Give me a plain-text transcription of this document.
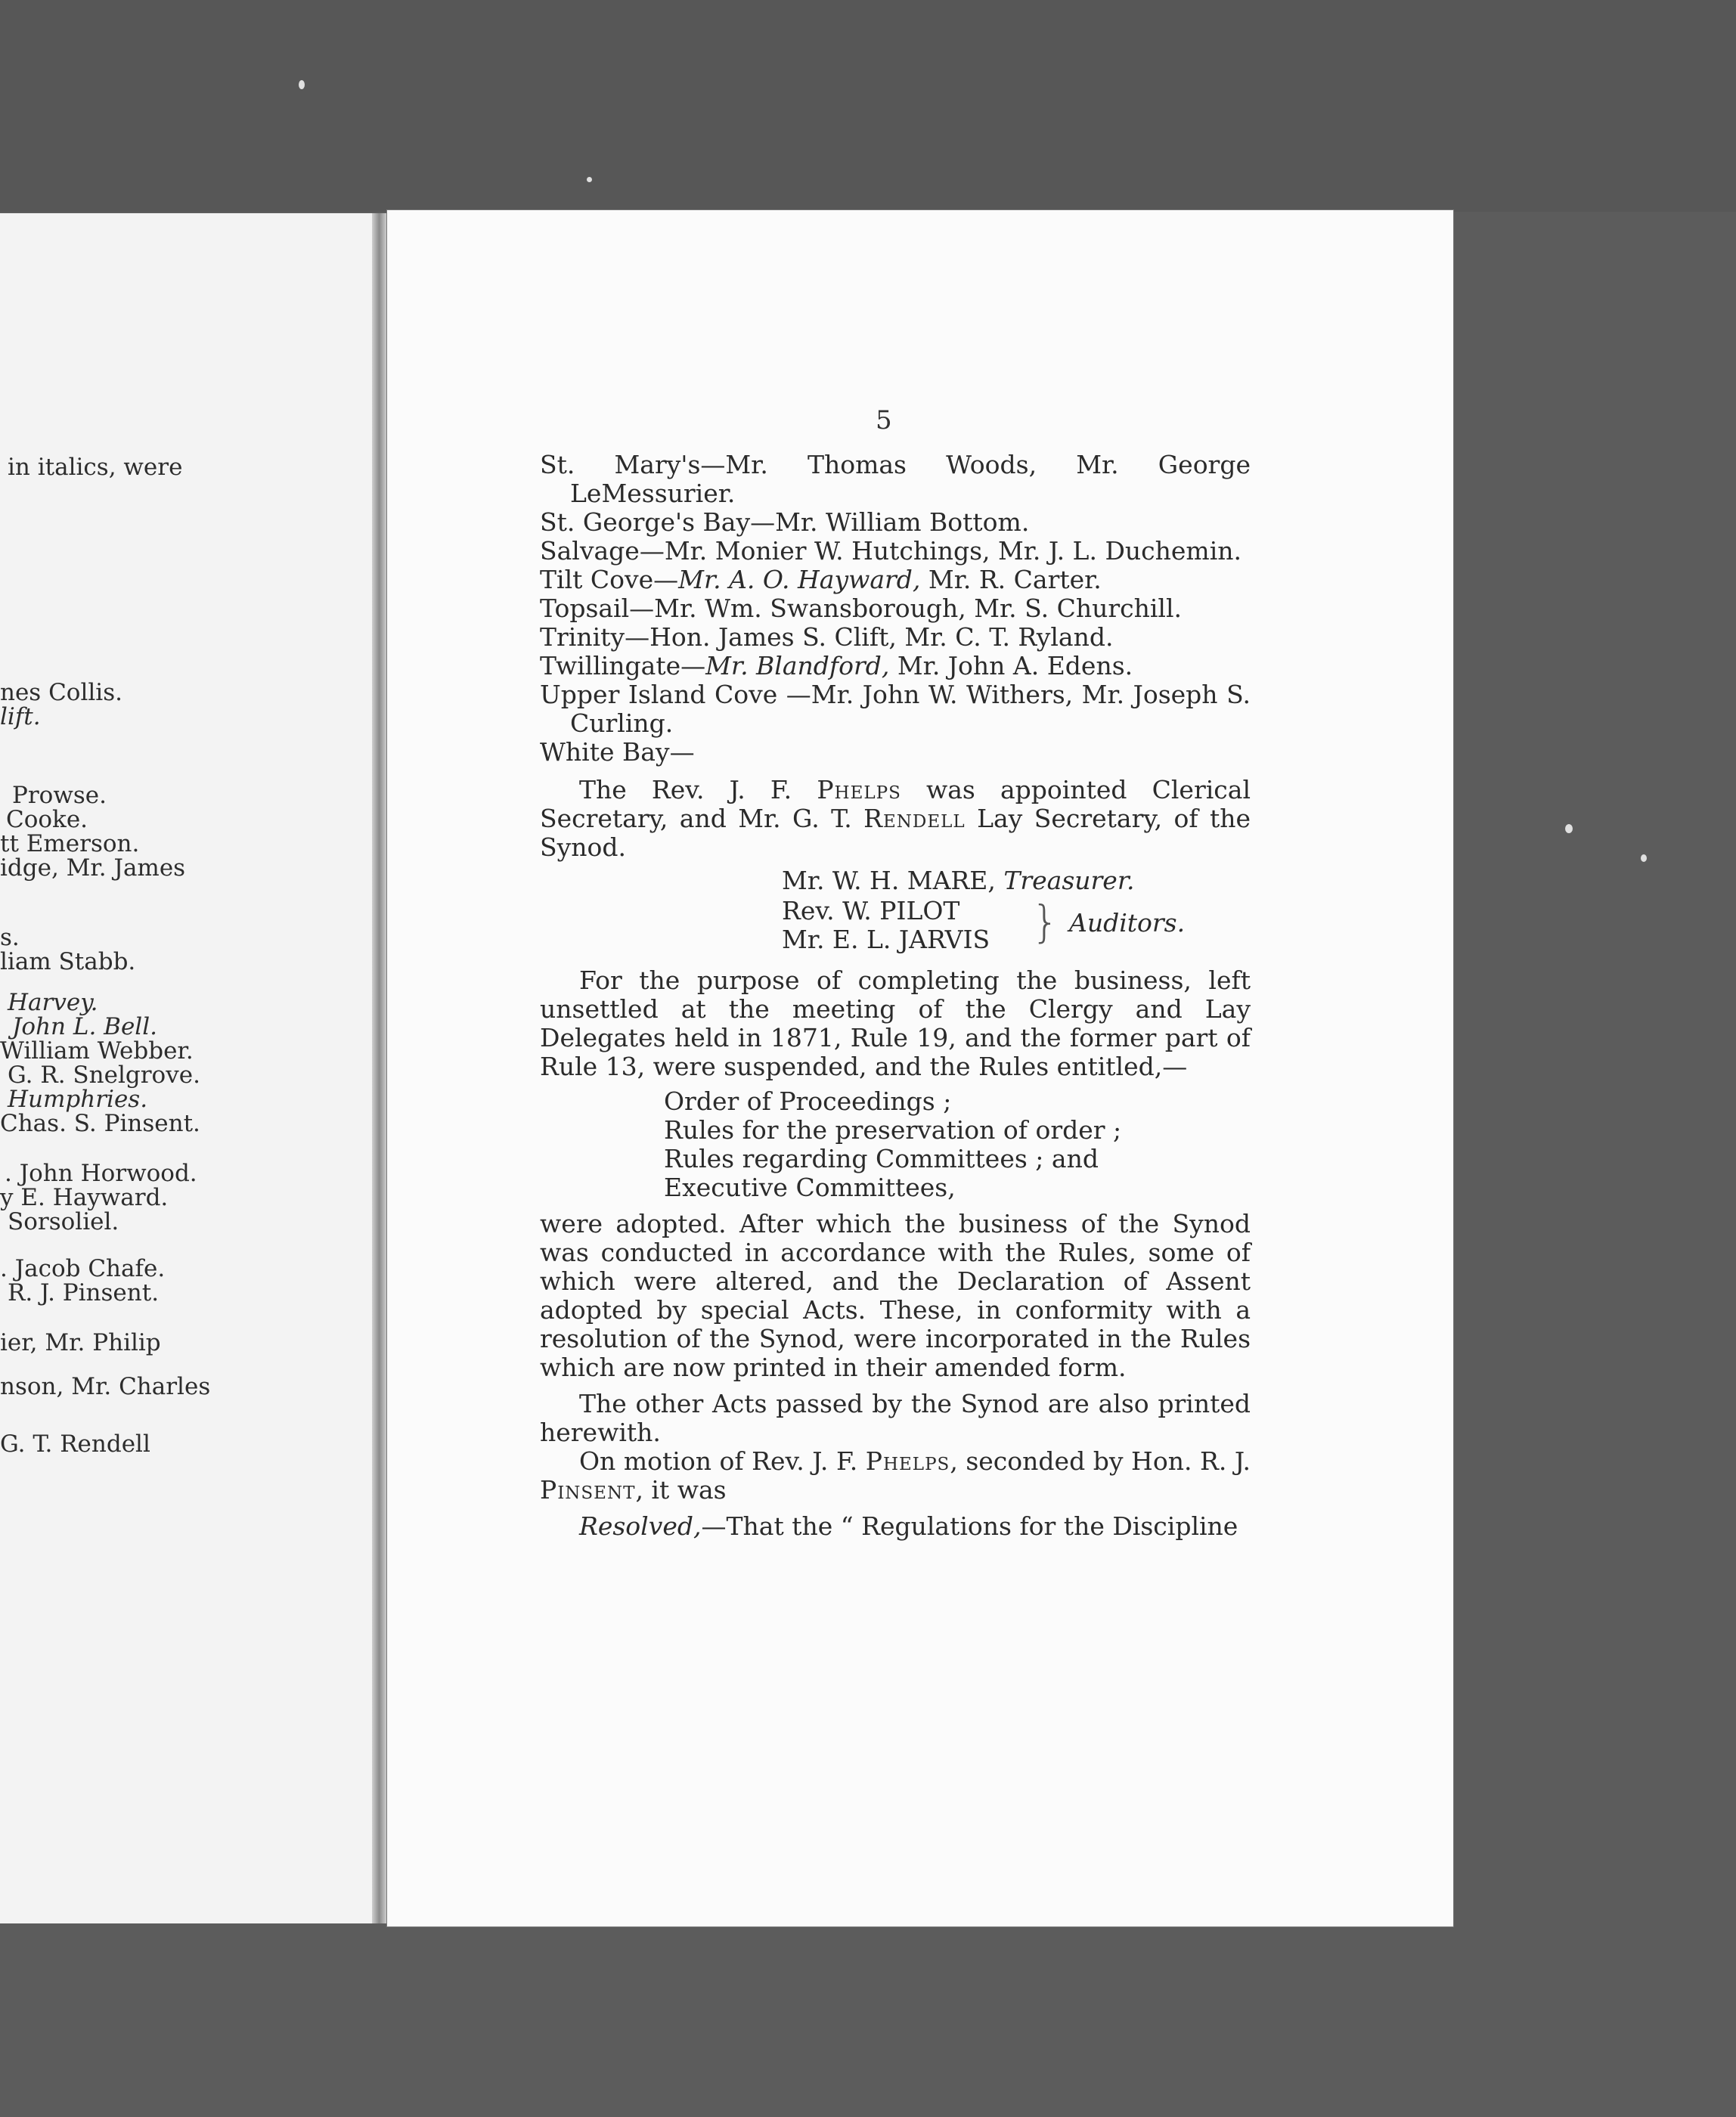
in italics, were
nes Collis.
lift.
Prowse.
Cooke.
tt Emerson.
idge, Mr. James
s.
liam Stabb.
Harvey.
John L. Bell.
William Webber.
G. R. Snelgrove.
Humphries.
Chas. S. Pinsent.
. John Horwood.
y E. Hayward.
Sorsoliel.
. Jacob Chafe.
R. J. Pinsent.
ier, Mr. Philip
nson, Mr. Charles
G. T. Rendell
5

St. Mary's—Mr. Thomas Woods, Mr. George LeMessurier.

St. George's Bay—Mr. William Bottom.

Salvage—Mr. Monier W. Hutchings, Mr. J. L. Duchemin.

Tilt Cove—Mr. A. O. Hayward, Mr. R. Carter.

Topsail—Mr. Wm. Swansborough, Mr. S. Churchill.

Trinity—Hon. James S. Clift, Mr. C. T. Ryland.

Twillingate—Mr. Blandford, Mr. John A. Edens.

Upper Island Cove —Mr. John W. Withers, Mr. Joseph S. Curling.

White Bay—

The Rev. J. F. Phelps was appointed Clerical Secretary, and Mr. G. T. Rendell Lay Secretary, of the Synod.

Mr. W. H. MARE, Treasurer.
Rev. W. PILOT
Mr. E. L. JARVIS } Auditors.

For the purpose of completing the business, left unsettled at the meeting of the Clergy and Lay Delegates held in 1871, Rule 19, and the former part of Rule 13, were suspended, and the Rules entitled,—

Order of Proceedings ;
Rules for the preservation of order ;
Rules regarding Committees ; and
Executive Committees,

were adopted. After which the business of the Synod was conducted in accordance with the Rules, some of which were altered, and the Declaration of Assent adopted by special Acts. These, in conformity with a resolution of the Synod, were incorporated in the Rules which are now printed in their amended form.

The other Acts passed by the Synod are also printed herewith.

On motion of Rev. J. F. Phelps, seconded by Hon. R. J. Pinsent, it was

Resolved,—That the “ Regulations for the Discipline
